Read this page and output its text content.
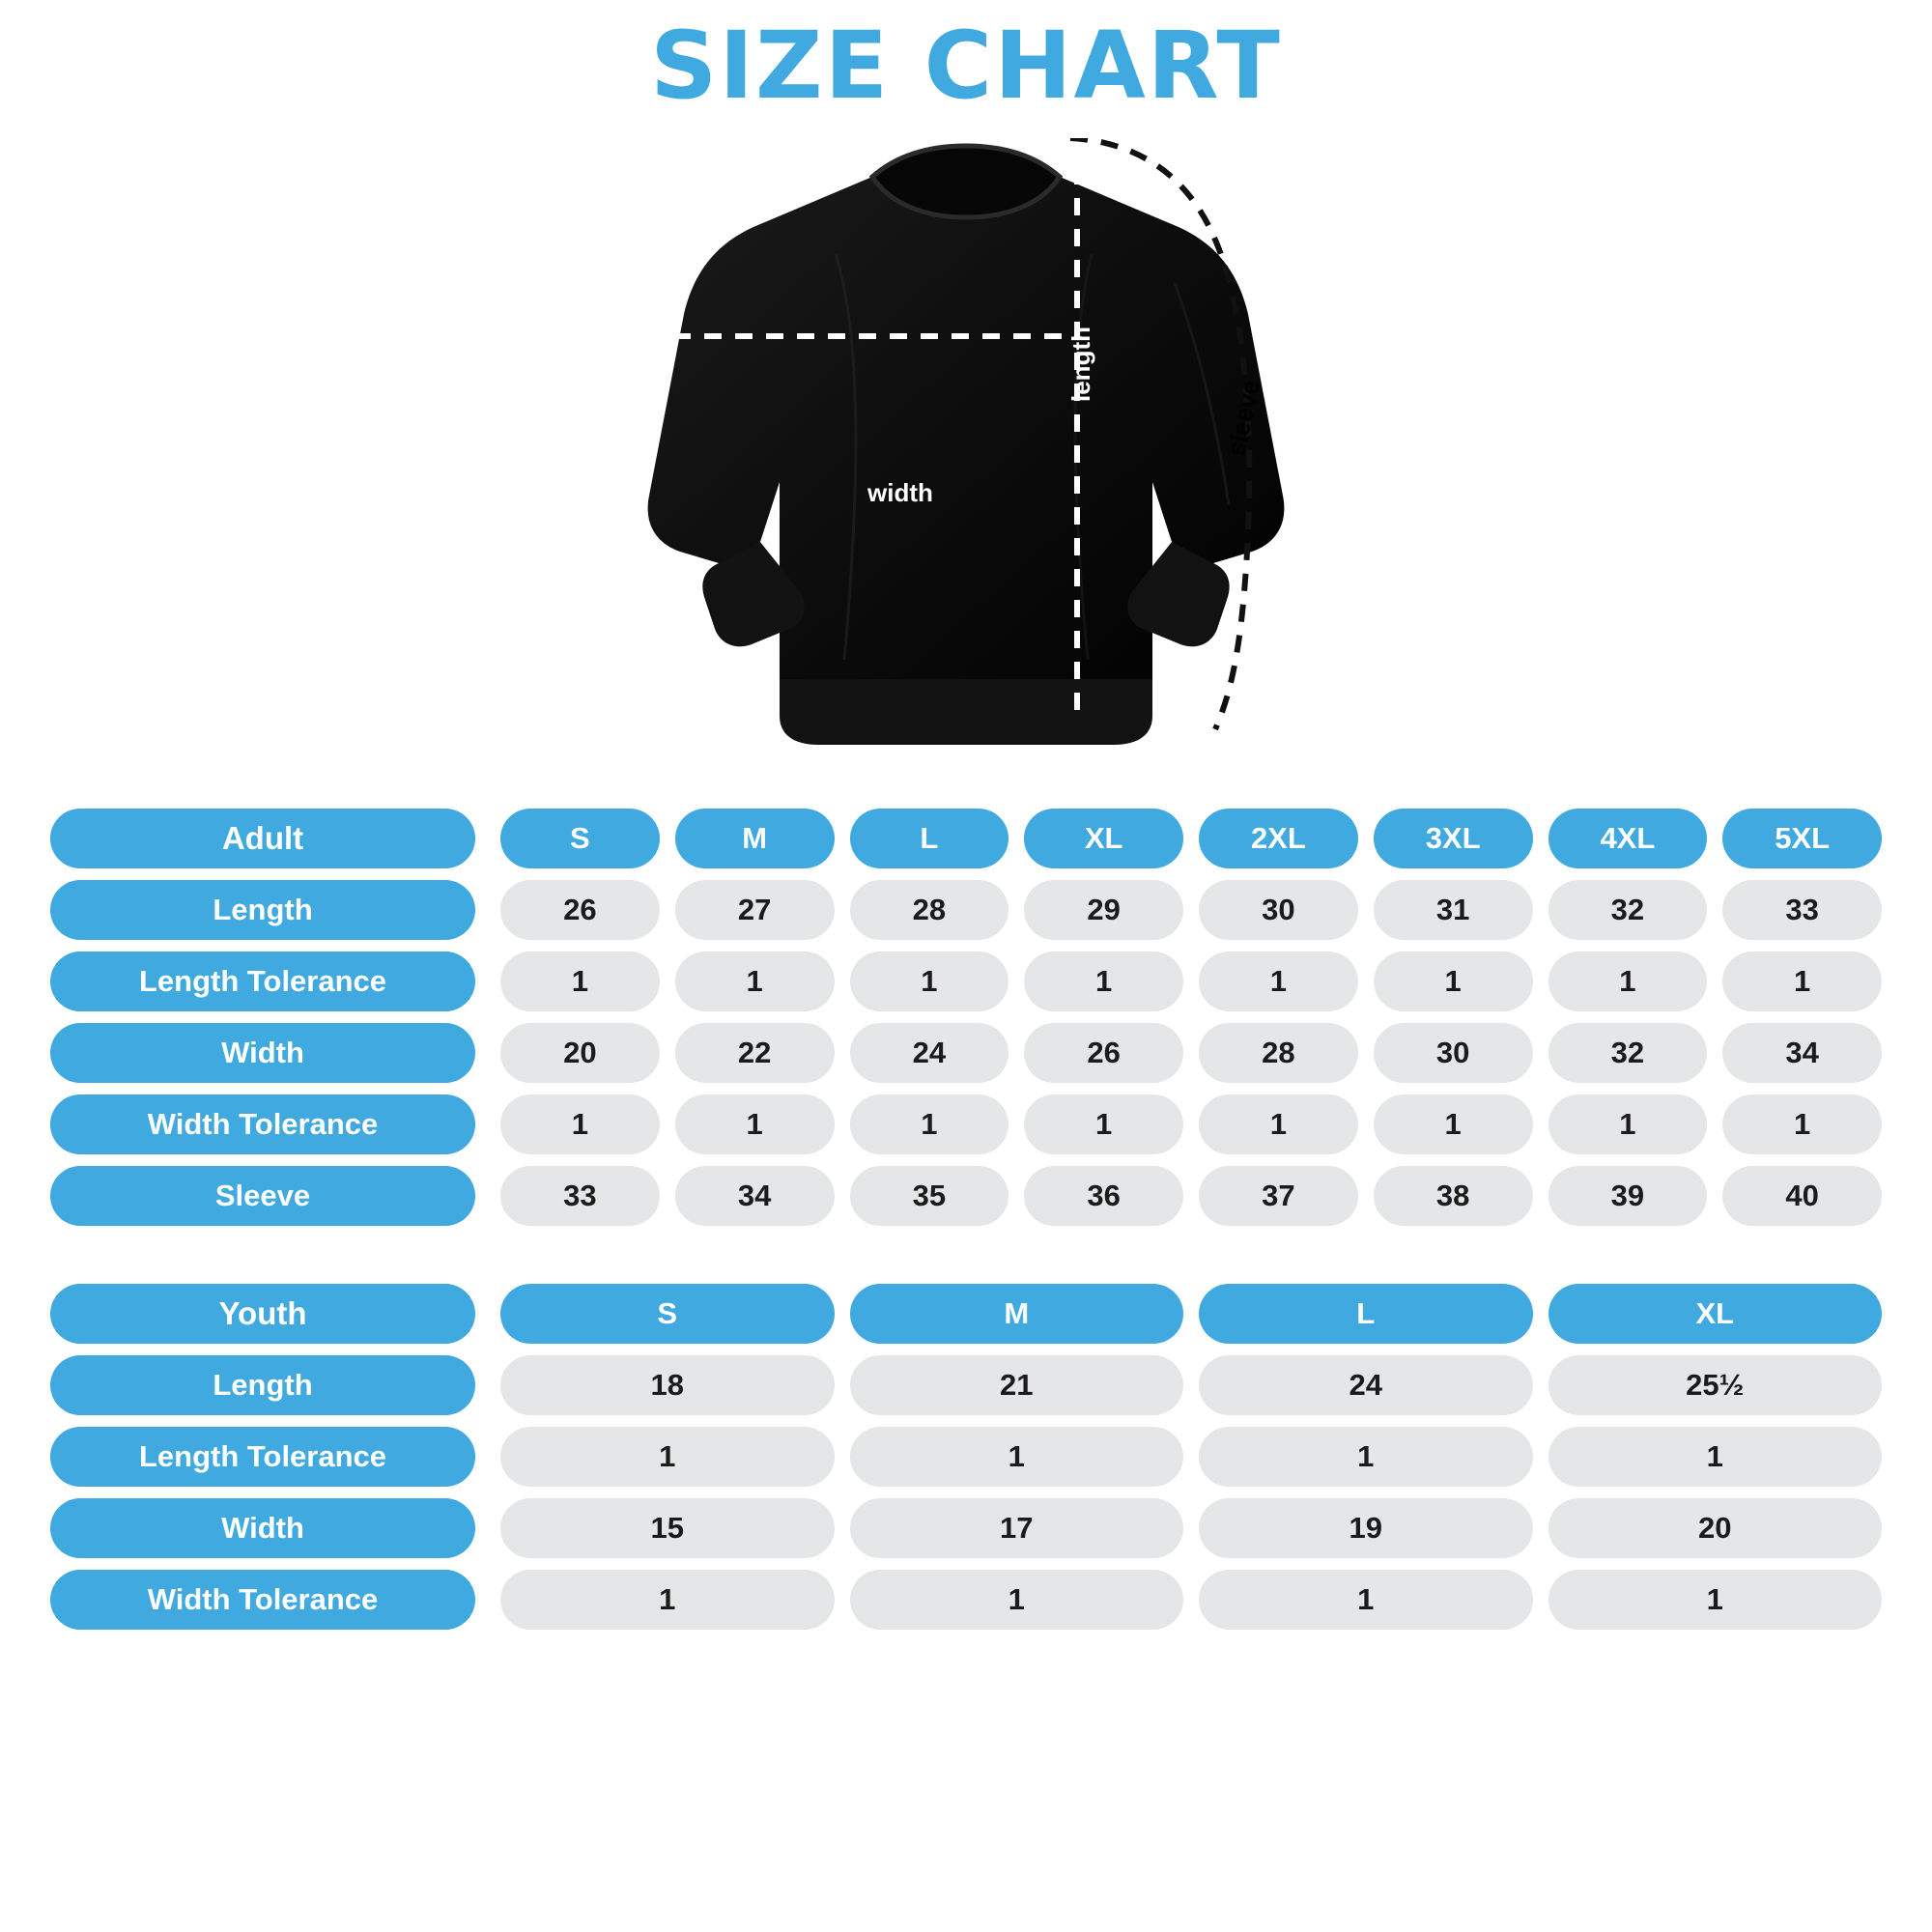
SIZE CHART
width
length
sleeve
Adult	S	M	L	XL	2XL	3XL	4XL	5XL
Length	26	27	28	29	30	31	32	33
Length Tolerance	1	1	1	1	1	1	1	1
Width	20	22	24	26	28	30	32	34
Width Tolerance	1	1	1	1	1	1	1	1
Sleeve	33	34	35	36	37	38	39	40
Youth	S	M	L	XL
Length	18	21	24	25½
Length Tolerance	1	1	1	1
Width	15	17	19	20
Width Tolerance	1	1	1	1
